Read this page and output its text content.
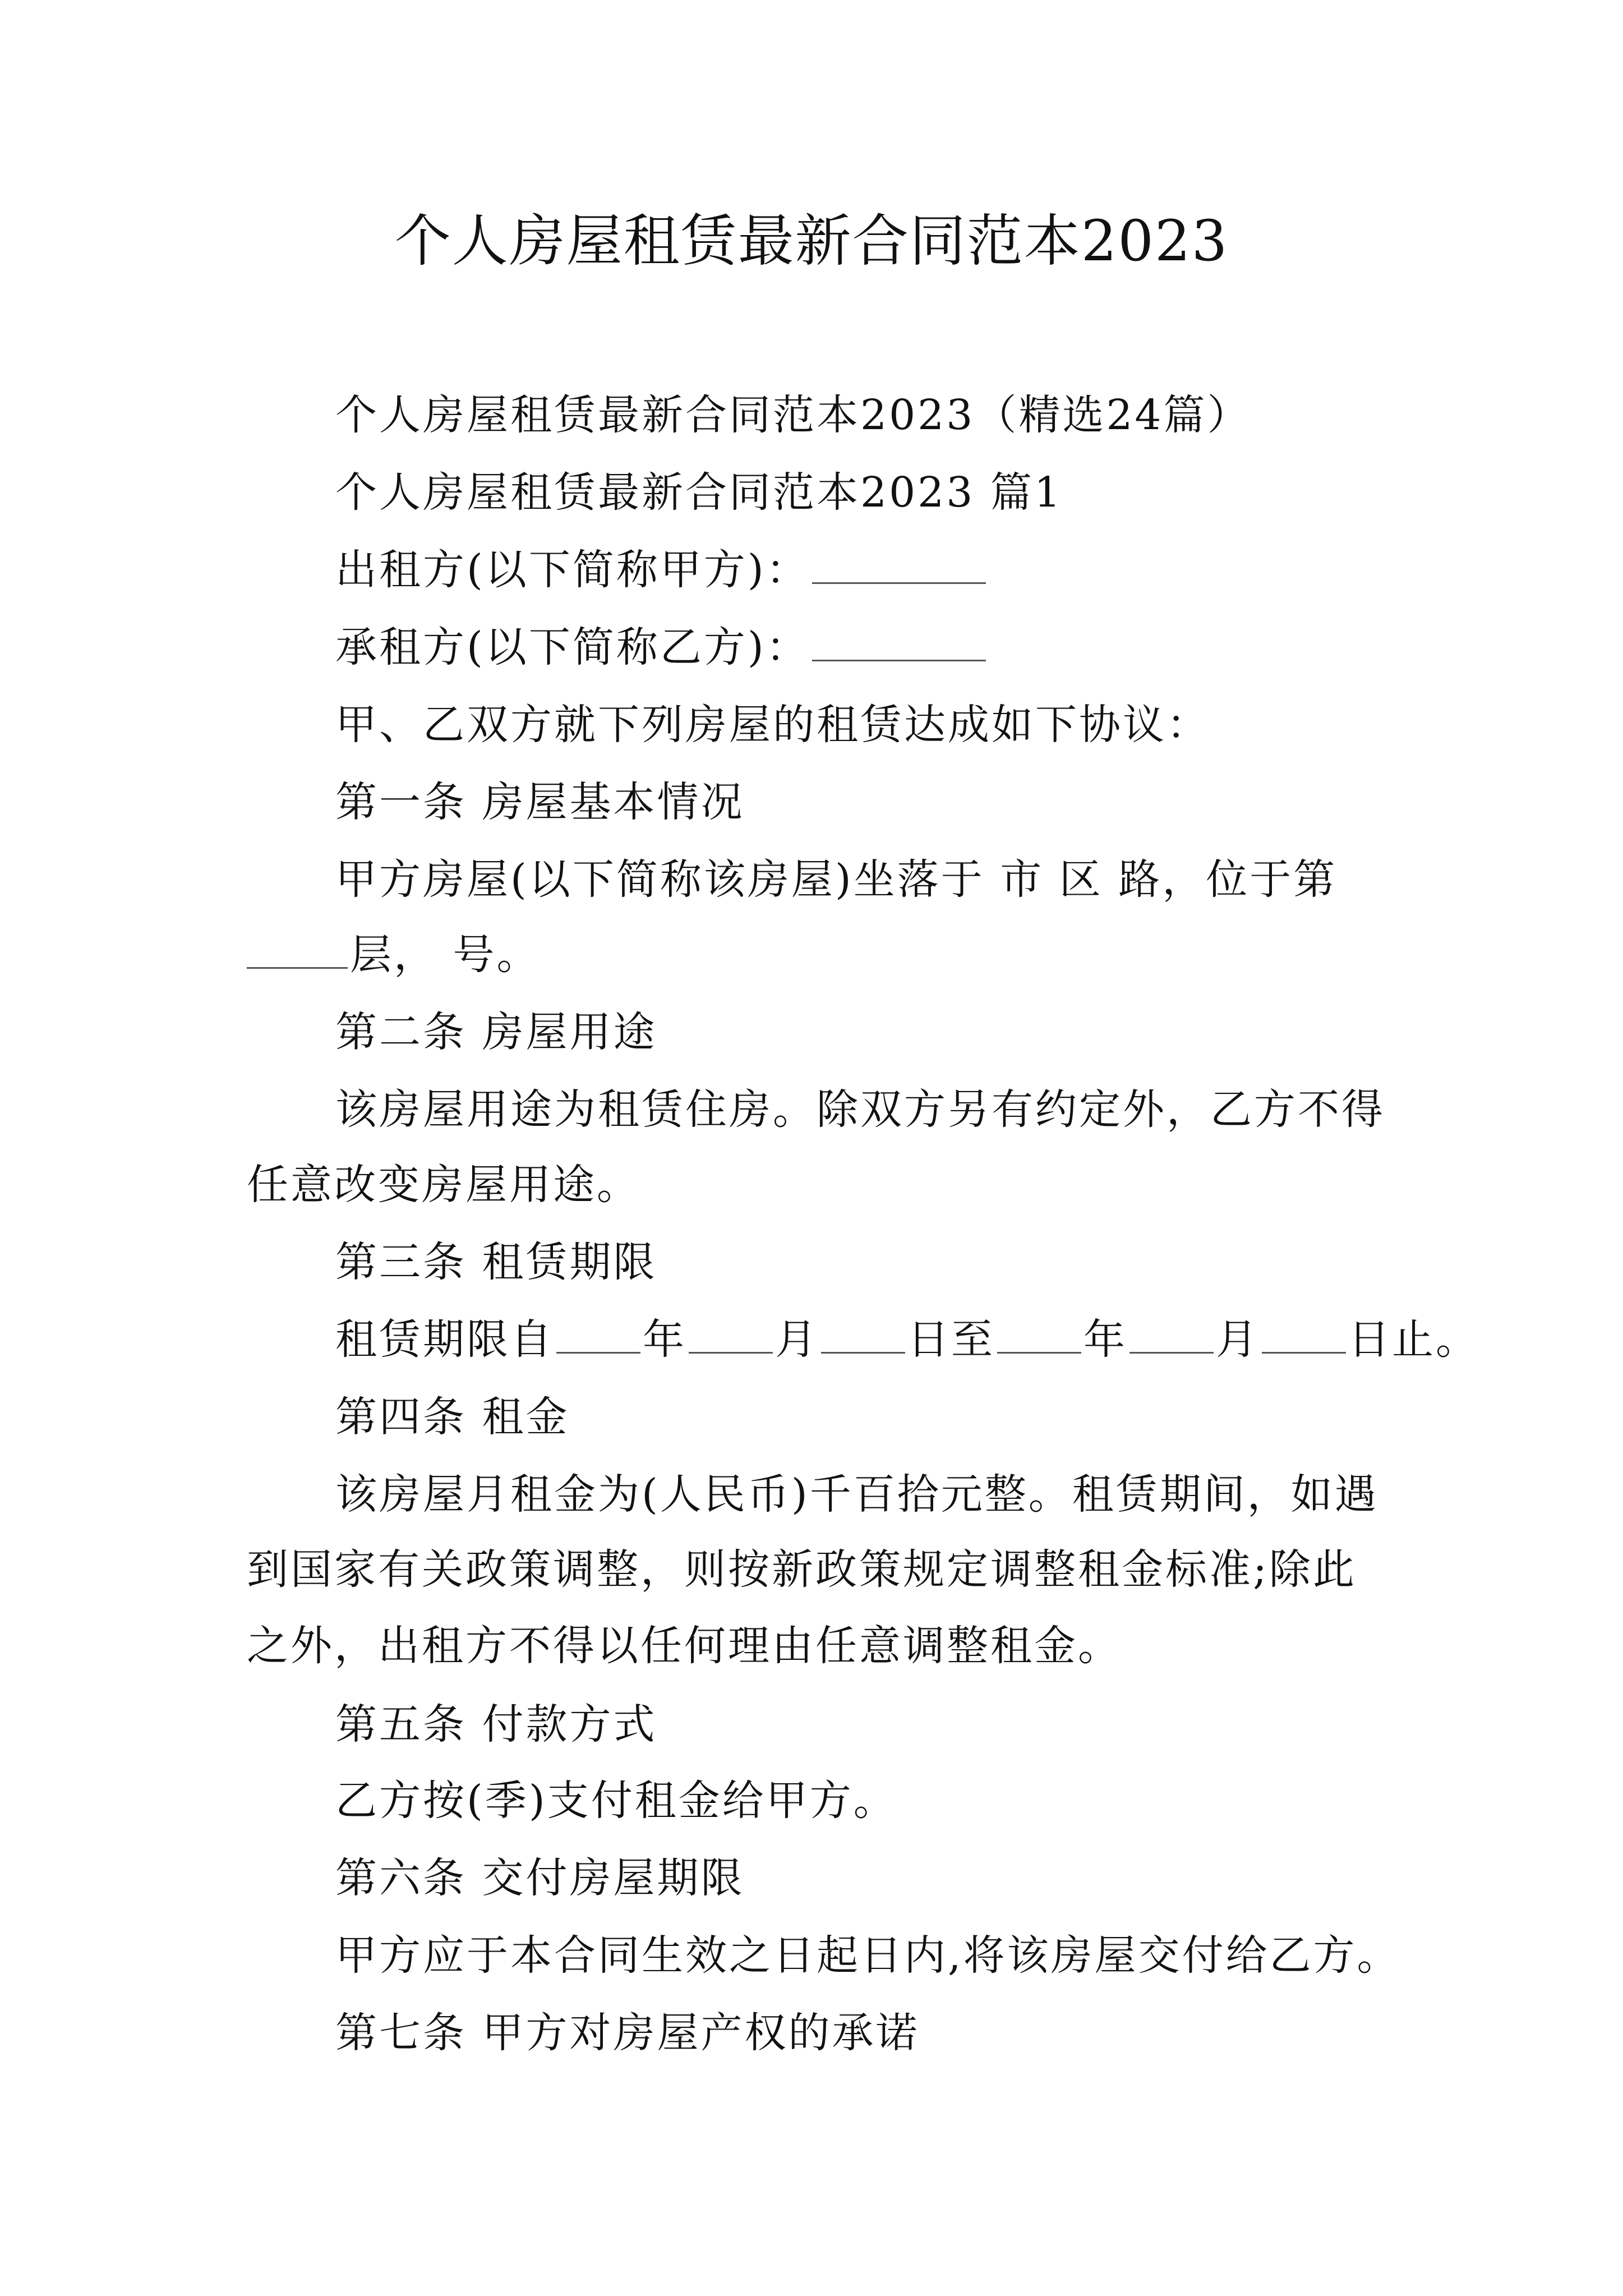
个人房屋租赁最新合同范本2023
个人房屋租赁最新合同范本2023（精选24篇）
个人房屋租赁最新合同范本2023 篇1
出租方(以下简称甲方)：
承租方(以下简称乙方)：
甲、乙双方就下列房屋的租赁达成如下协议：
第一条 房屋基本情况
甲方房屋(以下简称该房屋)坐落于 市 区 路，位于第
层， 号。
第二条 房屋用途
该房屋用途为租赁住房。除双方另有约定外，乙方不得
任意改变房屋用途。
第三条 租赁期限
租赁期限自 年 月 日至 年 月 日止。
第四条 租金
该房屋月租金为(人民币)千百拾元整。租赁期间，如遇
到国家有关政策调整，则按新政策规定调整租金标准;除此
之外，出租方不得以任何理由任意调整租金。
第五条 付款方式
乙方按(季)支付租金给甲方。
第六条 交付房屋期限
甲方应于本合同生效之日起日内,将该房屋交付给乙方。
第七条 甲方对房屋产权的承诺
